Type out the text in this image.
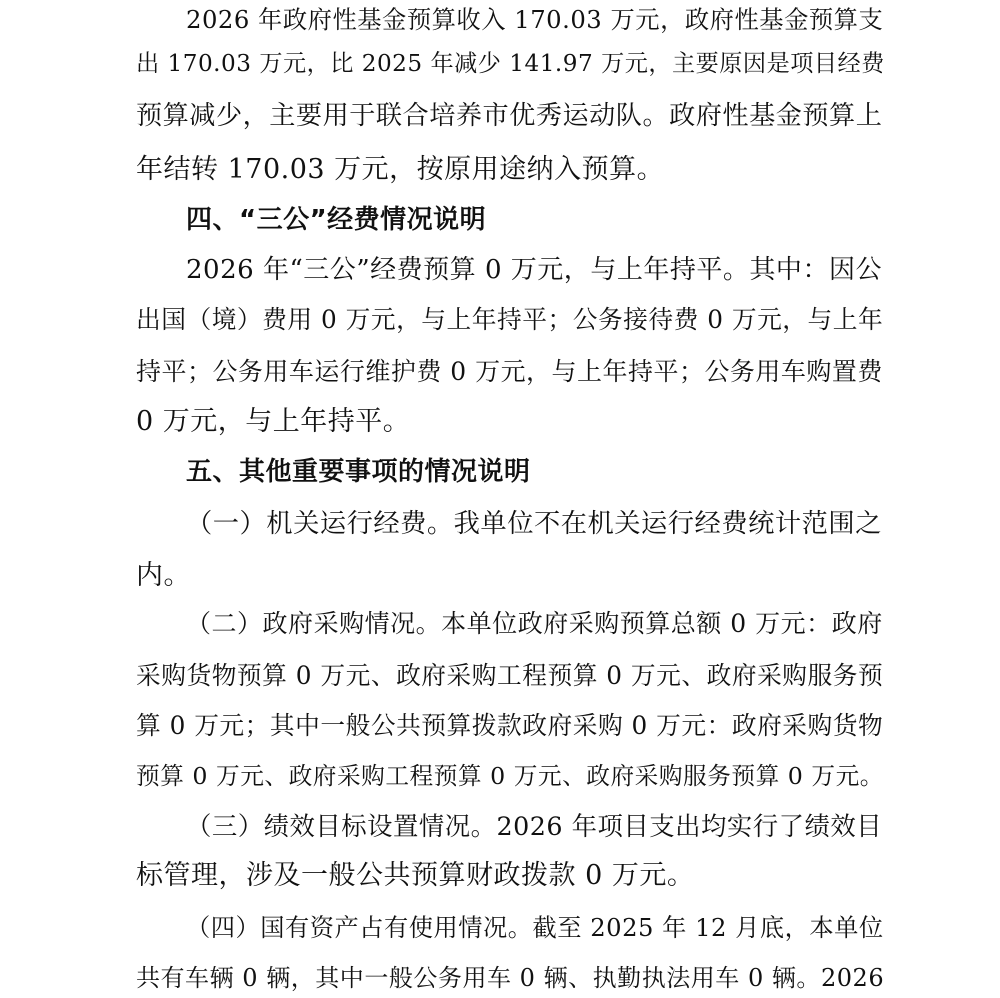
2026 年政府性基金预算收入 170.03 万元，政府性基金预算支
出 170.03 万元，比 2025 年减少 141.97 万元，主要原因是项目经费
预算减少，主要用于联合培养市优秀运动队。政府性基金预算上
年结转 170.03 万元，按原用途纳入预算。
四、“三公”经费情况说明
2026 年“三公”经费预算 0 万元，与上年持平。其中：因公
出国（境）费用 0 万元，与上年持平；公务接待费 0 万元，与上年
持平；公务用车运行维护费 0 万元，与上年持平；公务用车购置费
0 万元，与上年持平。
五、其他重要事项的情况说明
（一）机关运行经费。我单位不在机关运行经费统计范围之
内。
（二）政府采购情况。本单位政府采购预算总额 0 万元：政府
采购货物预算 0 万元、政府采购工程预算 0 万元、政府采购服务预
算 0 万元；其中一般公共预算拨款政府采购 0 万元：政府采购货物
预算 0 万元、政府采购工程预算 0 万元、政府采购服务预算 0 万元。
（三）绩效目标设置情况。2026 年项目支出均实行了绩效目
标管理，涉及一般公共预算财政拨款 0 万元。
（四）国有资产占有使用情况。截至 2025 年 12 月底，本单位
共有车辆 0 辆，其中一般公务用车 0 辆、执勤执法用车 0 辆。2026
